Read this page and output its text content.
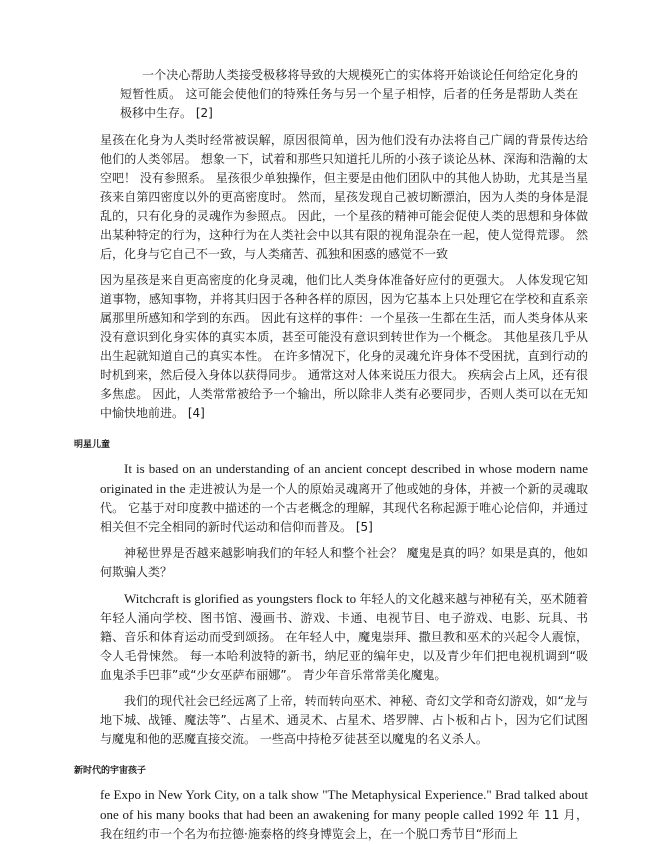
一个决心帮助人类接受极移将导致的大规模死亡的实体将开始谈论任何给定化身的短暂性质。 这可能会使他们的特殊任务与另一个星子相悖，后者的任务是帮助人类在极移中生存。 [2]

星孩在化身为人类时经常被误解，原因很简单，因为他们没有办法将自己广阔的背景传达给他们的人类邻居。 想象一下，试着和那些只知道托儿所的小孩子谈论丛林、深海和浩瀚的太空吧！ 没有参照系。 星孩很少单独操作，但主要是由他们团队中的其他人协助，尤其是当星孩来自第四密度以外的更高密度时。 然而，星孩发现自己被切断漂泊，因为人类的身体是混乱的，只有化身的灵魂作为参照点。 因此，一个星孩的精神可能会促使人类的思想和身体做出某种特定的行为，这种行为在人类社会中以其有限的视角混杂在一起，使人觉得荒谬。 然后，化身与它自己不一致，与人类痛苦、孤独和困惑的感觉不一致

因为星孩是来自更高密度的化身灵魂，他们比人类身体准备好应付的更强大。 人体发现它知道事物，感知事物，并将其归因于各种各样的原因，因为它基本上只处理它在学校和直系亲属那里所感知和学到的东西。 因此有这样的事件：一个星孩一生都在生活，而人类身体从来没有意识到化身实体的真实本质，甚至可能没有意识到转世作为一个概念。 其他星孩几乎从出生起就知道自己的真实本性。 在许多情况下，化身的灵魂允许身体不受困扰，直到行动的时机到来，然后侵入身体以获得同步。 通常这对人体来说压力很大。 疾病会占上风，还有很多焦虑。 因此，人类常常被给予一个输出，所以除非人类有必要同步，否则人类可以在无知中愉快地前进。 [4]

明星儿童

It is based on an understanding of an ancient concept described in whose modern name originated in the 走进被认为是一个人的原始灵魂离开了他或她的身体，并被一个新的灵魂取代。 它基于对印度教中描述的一个古老概念的理解，其现代名称起源于唯心论信仰，并通过相关但不完全相同的新时代运动和信仰而普及。 [5]

神秘世界是否越来越影响我们的年轻人和整个社会？ 魔鬼是真的吗？如果是真的，他如何欺骗人类？

Witchcraft is glorified as youngsters flock to 年轻人的文化越来越与神秘有关，巫术随着年轻人涌向学校、图书馆、漫画书、游戏、卡通、电视节目、电子游戏、电影、玩具、书籍、音乐和体育运动而受到颂扬。 在年轻人中，魔鬼崇拜、撒旦教和巫术的兴起令人震惊，令人毛骨悚然。 每一本哈利波特的新书，纳尼亚的编年史，以及青少年们把电视机调到“吸血鬼杀手巴菲”或“少女巫萨布丽娜”。 青少年音乐常常美化魔鬼。

我们的现代社会已经远离了上帝，转而转向巫术、神秘、奇幻文学和奇幻游戏，如“龙与地下城、战锤、魔法等”、占星术、通灵术、占星术、塔罗牌、占卜板和占卜，因为它们试图与魔鬼和他的恶魔直接交流。 一些高中持枪歹徒甚至以魔鬼的名义杀人。

新时代的宇宙孩子

fe Expo in New York City, on a talk show "The Metaphysical Experience." Brad talked about one of his many books that had been an awakening for many people called 1992 年 11 月，我在纽约市一个名为布拉德·施泰格的终身博览会上，在一个脱口秀节目“形而上
